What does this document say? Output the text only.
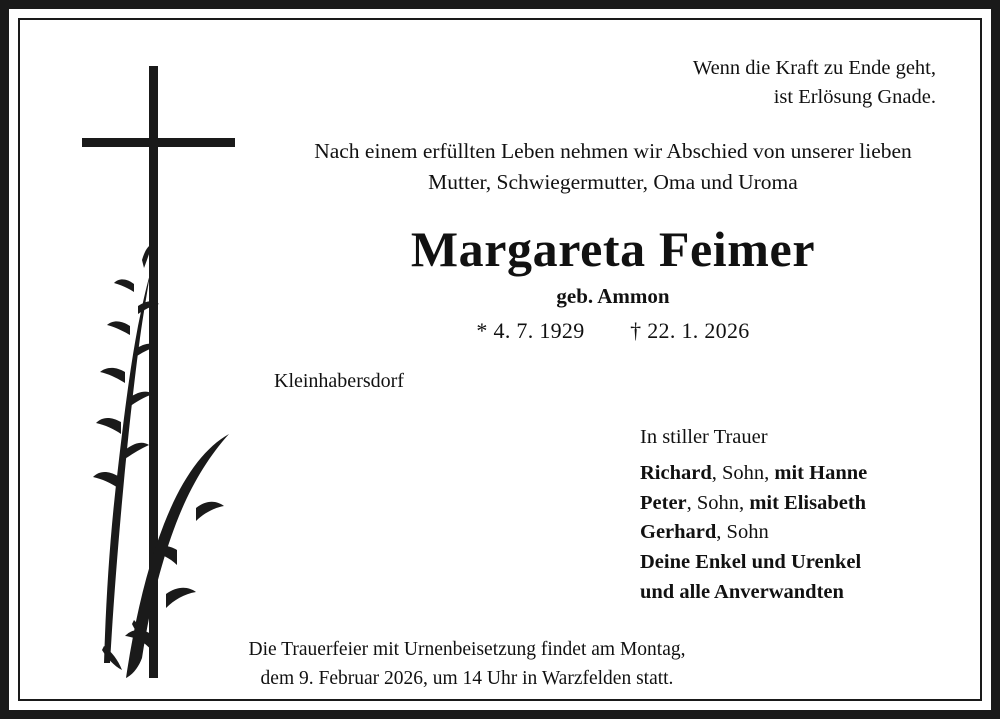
Wenn die Kraft zu Ende geht,
ist Erlösung Gnade.
Nach einem erfüllten Leben nehmen wir Abschied von unserer lieben
Mutter, Schwiegermutter, Oma und Uroma
Margareta Feimer
geb. Ammon
* 4. 7. 1929 † 22. 1. 2026
Kleinhabersdorf
In stiller Trauer
Richard, Sohn, mit Hanne
Peter, Sohn, mit Elisabeth
Gerhard, Sohn
Deine Enkel und Urenkel
und alle Anverwandten
Die Trauerfeier mit Urnenbeisetzung findet am Montag,
dem 9. Februar 2026, um 14 Uhr in Warzfelden statt.
